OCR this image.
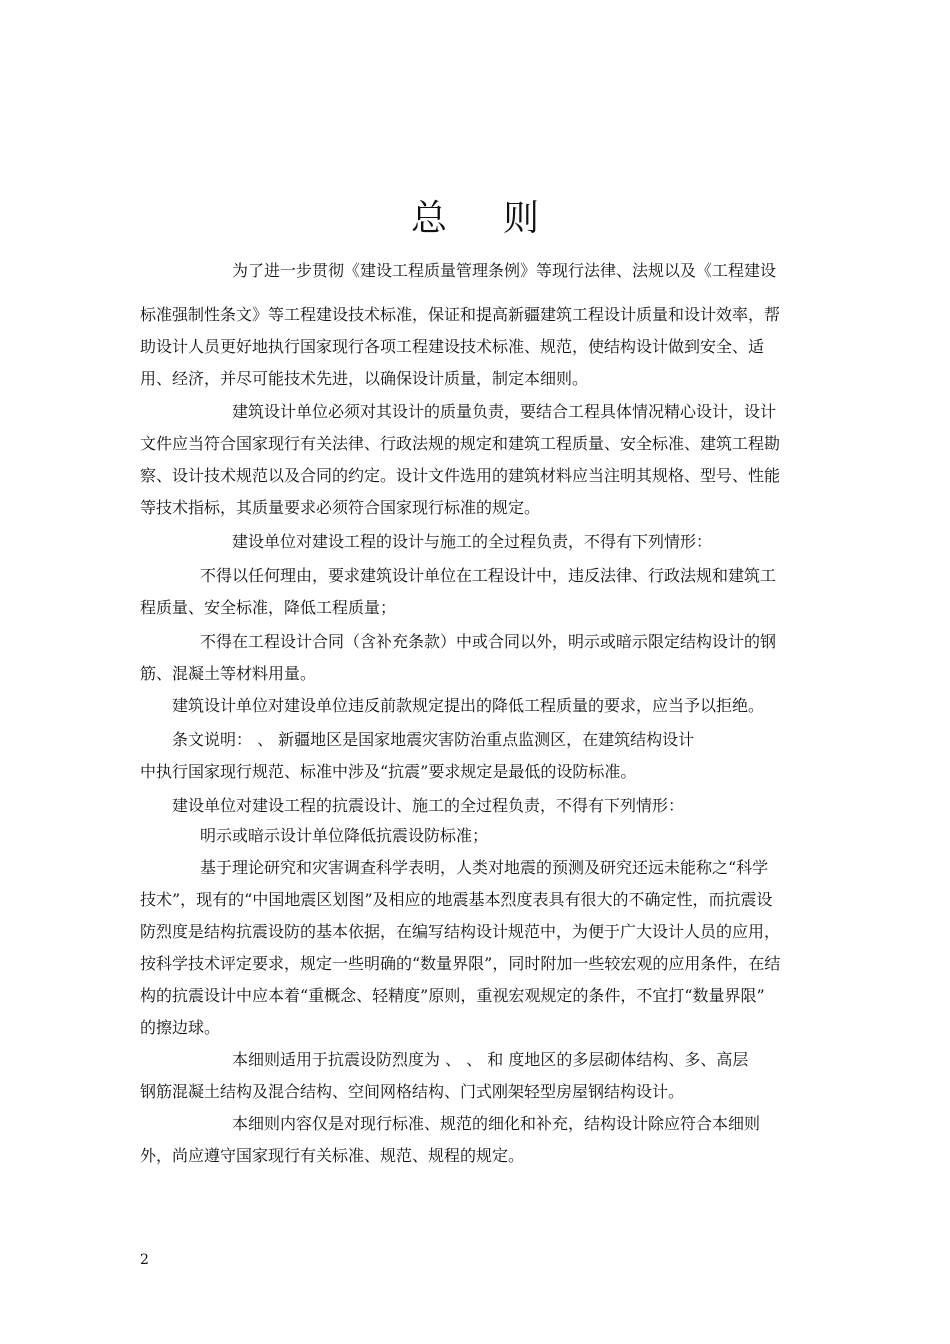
总 则

为了进一步贯彻《建设工程质量管理条例》等现行法律、法规以及《工程建设

标准强制性条文》等工程建设技术标准，保证和提高新疆建筑工程设计质量和设计效率，帮

助设计人员更好地执行国家现行各项工程建设技术标准、规范，使结构设计做到安全、适

用、经济，并尽可能技术先进，以确保设计质量，制定本细则。

建筑设计单位必须对其设计的质量负责，要结合工程具体情况精心设计，设计

文件应当符合国家现行有关法律、行政法规的规定和建筑工程质量、安全标准、建筑工程勘

察、设计技术规范以及合同的约定。设计文件选用的建筑材料应当注明其规格、型号、性能

等技术指标，其质量要求必须符合国家现行标准的规定。

建设单位对建设工程的设计与施工的全过程负责，不得有下列情形：

不得以任何理由，要求建筑设计单位在工程设计中，违反法律、行政法规和建筑工

程质量、安全标准，降低工程质量；

不得在工程设计合同（含补充条款）中或合同以外，明示或暗示限定结构设计的钢

筋、混凝土等材料用量。

建筑设计单位对建设单位违反前款规定提出的降低工程质量的要求，应当予以拒绝。

条文说明： 、 新疆地区是国家地震灾害防治重点监测区，在建筑结构设计

中执行国家现行规范、标准中涉及“抗震”要求规定是最低的设防标准。

建设单位对建设工程的抗震设计、施工的全过程负责，不得有下列情形：

明示或暗示设计单位降低抗震设防标准；

基于理论研究和灾害调查科学表明，人类对地震的预测及研究还远未能称之“科学

技术”，现有的“中国地震区划图”及相应的地震基本烈度表具有很大的不确定性，而抗震设

防烈度是结构抗震设防的基本依据，在编写结构设计规范中，为便于广大设计人员的应用，

按科学技术评定要求，规定一些明确的“数量界限”，同时附加一些较宏观的应用条件，在结

构的抗震设计中应本着“重概念、轻精度”原则，重视宏观规定的条件，不宜打“数量界限”

的擦边球。

本细则适用于抗震设防烈度为 、 、 和 度地区的多层砌体结构、多、高层

钢筋混凝土结构及混合结构、空间网格结构、门式刚架轻型房屋钢结构设计。

本细则内容仅是对现行标准、规范的细化和补充，结构设计除应符合本细则

外，尚应遵守国家现行有关标准、规范、规程的规定。

2
